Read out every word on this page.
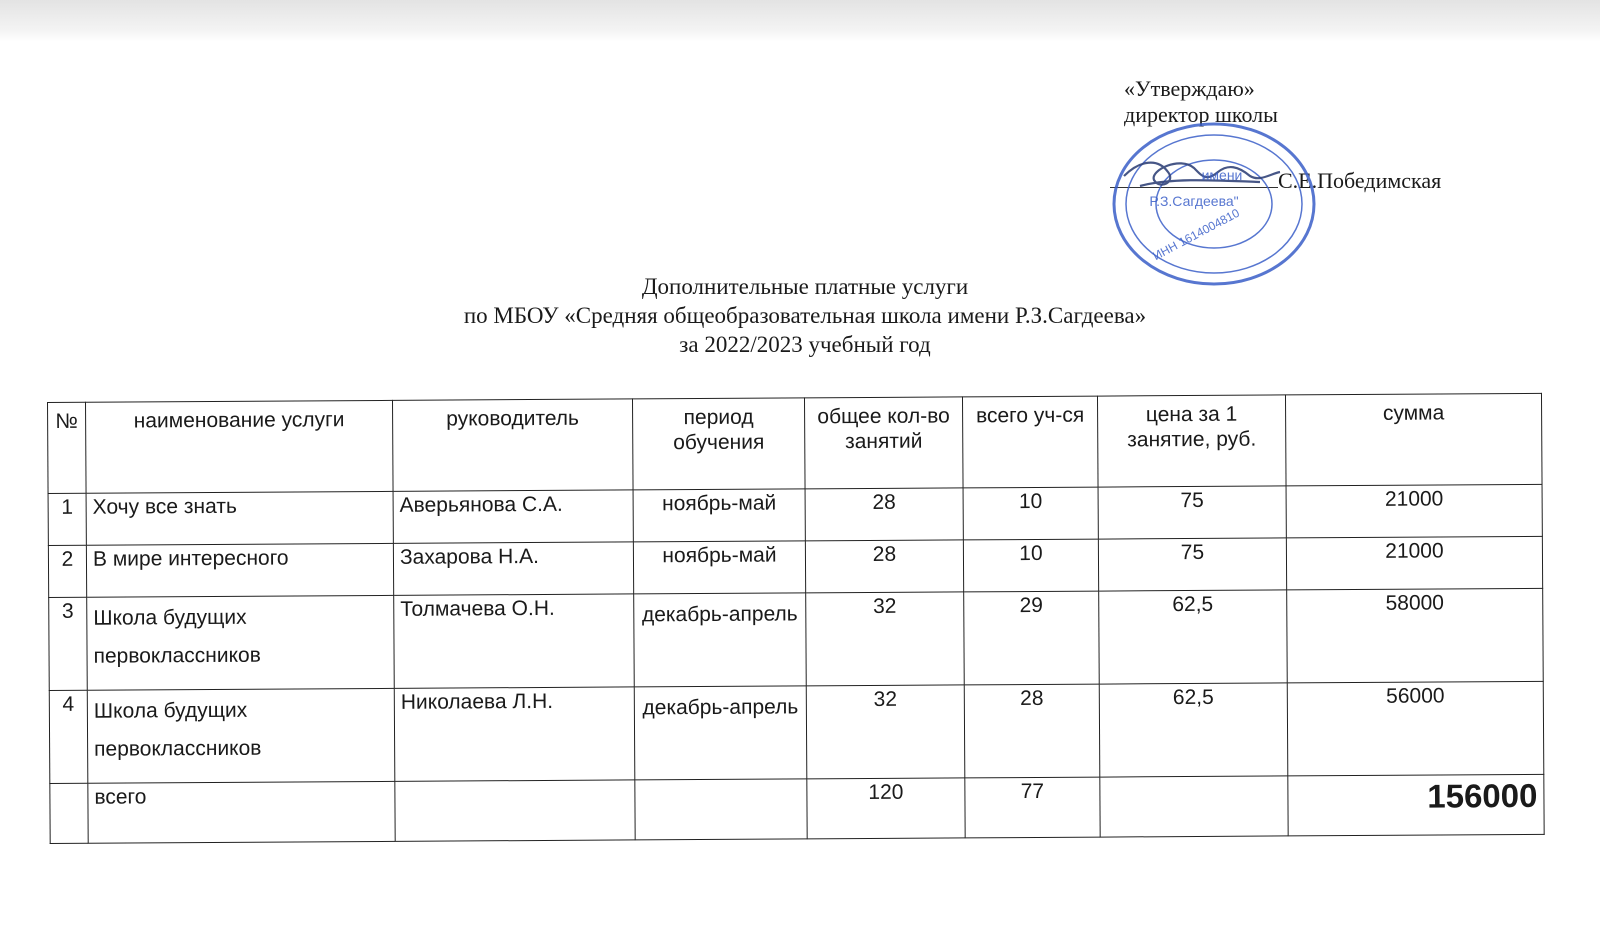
«Утверждаю»
директор школы
С.Е.Победимская
имени
Р.З.Сагдеева"
ИНН 1614004810
Дополнительные платные услуги
по МБОУ «Средняя общеобразовательная школа имени Р.З.Сагдеева»
за 2022/2023 учебный год
№	наименование услуги	руководитель	период обучения	общее кол-во занятий	всего уч-ся	цена за 1 занятие, руб.	сумма
1	Хочу все знать	Аверьянова С.А.	ноябрь-май	28	10	75	21000
2	В мире интересного	Захарова Н.А.	ноябрь-май	28	10	75	21000
3	Школа будущих первоклассников	Толмачева О.Н.	декабрь-апрель	32	29	62,5	58000
4	Школа будущих первоклассников	Николаева Л.Н.	декабрь-апрель	32	28	62,5	56000
	всего			120	77		156000
